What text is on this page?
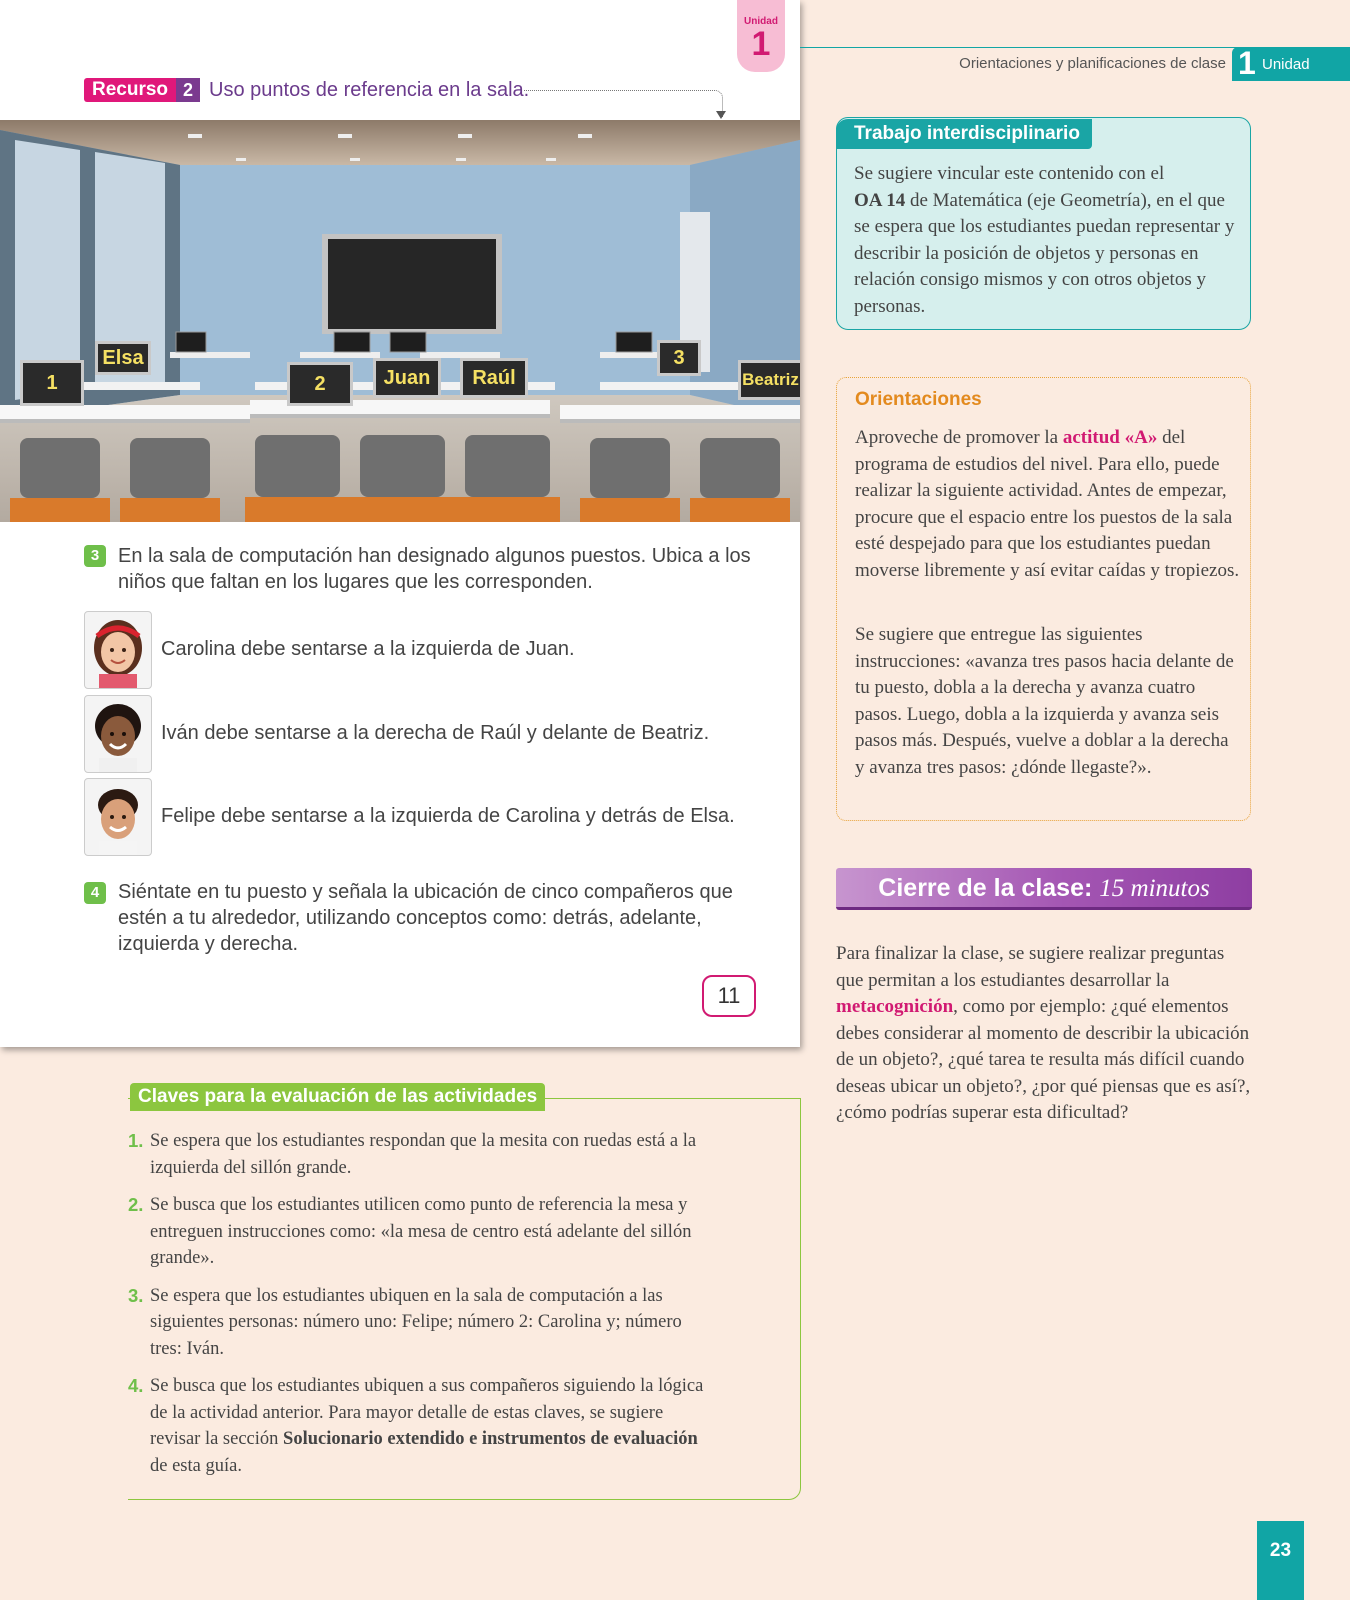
Unidad
1
Recurso 2 Uso puntos de referencia en la sala.
Elsa
1	2	Juan	Raúl
3
Beatriz
3 En la sala de computación han designado algunos puestos. Ubica a los
niños que faltan en los lugares que les corresponden.
Carolina debe sentarse a la izquierda de Juan.
Iván debe sentarse a la derecha de Raúl y delante de Beatriz.
Felipe debe sentarse a la izquierda de Carolina y detrás de Elsa.
4 Siéntate en tu puesto y señala la ubicación de cinco compañeros que
estén a tu alrededor, utilizando conceptos como: detrás, adelante,
izquierda y derecha.
11
Claves para la evaluación de las actividades
1. Se espera que los estudiantes respondan que la mesita con ruedas está a la
izquierda del sillón grande.
2. Se busca que los estudiantes utilicen como punto de referencia la mesa y
entreguen instrucciones como: «la mesa de centro está adelante del sillón
grande».
3. Se espera que los estudiantes ubiquen en la sala de computación a las
siguientes personas: número uno: Felipe; número 2: Carolina y; número
tres: Iván.
4. Se busca que los estudiantes ubiquen a sus compañeros siguiendo la lógica
de la actividad anterior. Para mayor detalle de estas claves, se sugiere
revisar la sección Solucionario extendido e instrumentos de evaluación
de esta guía.
Orientaciones y planificaciones de clase 1 Unidad
Trabajo interdisciplinario
Se sugiere vincular este contenido con el
OA 14 de Matemática (eje Geometría), en el que se espera que los estudiantes puedan representar y describir la posición de objetos y personas en relación consigo mismos y con otros objetos y personas.
Orientaciones
Aproveche de promover la actitud «A» del programa de estudios del nivel. Para ello, puede realizar la siguiente actividad. Antes de empezar, procure que el espacio entre los puestos de la sala esté despejado para que los estudiantes puedan moverse libremente y así evitar caídas y tropiezos.
Se sugiere que entregue las siguientes instrucciones: «avanza tres pasos hacia delante de tu puesto, dobla a la derecha y avanza cuatro pasos. Luego, dobla a la izquierda y avanza seis pasos más. Después, vuelve a doblar a la derecha y avanza tres pasos: ¿dónde llegaste?».
Cierre de la clase: 15 minutos
Para finalizar la clase, se sugiere realizar preguntas que permitan a los estudiantes desarrollar la metacognición, como por ejemplo: ¿qué elementos debes considerar al momento de describir la ubicación de un objeto?, ¿qué tarea te resulta más difícil cuando deseas ubicar un objeto?, ¿por qué piensas que es así?, ¿cómo podrías superar esta dificultad?
23
